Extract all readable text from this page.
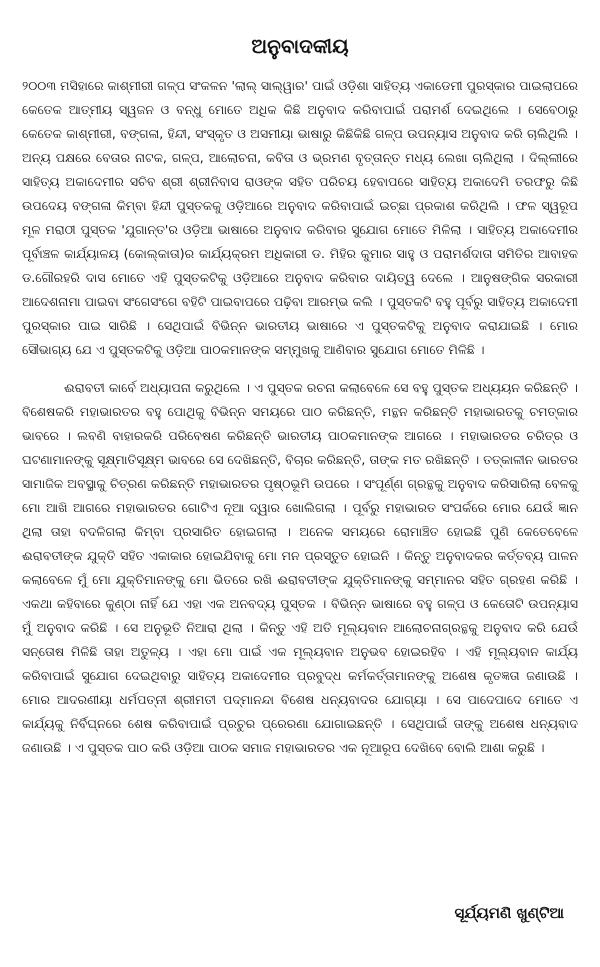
ଅନୁବାଦକୀୟ

୨୦୦୩ ମସିହାରେ କାଶ୍ମୀରୀ ଗଳ୍ପ ସଂକଳନ 'ଲାଲ୍ ସାଲ୍ୱାର' ପାଇଁ ଓଡ଼ିଶା ସାହିତ୍ୟ ଏକାଡେମୀ ପୁରସ୍କାର ପାଇଲାପରେ କେତେକ ଆତ୍ମୀୟ ସ୍ୱଜନ ଓ ବନ୍ଧୁ ମୋତେ ଅଧିକ କିଛି ଅନୁବାଦ କରିବାପାଇଁ ପରାମର୍ଶ ଦେଇଥିଲେ । ସେବେଠାରୁ କେତେକ କାଶ୍ମୀରୀ, ବଙ୍ଗଳା, ହିନ୍ଦୀ, ସଂସ୍କୃତ ଓ ଅସମୀୟା ଭାଷାରୁ କିଛିକିଛି ଗଳ୍ପ ଉପନ୍ୟାସ ଅନୁବାଦ କରି ଚାଲିଥିଲି । ଅନ୍ୟ ପକ୍ଷରେ ବେତାର ନାଟକ, ଗଳ୍ପ, ଆଲୋଚନା, କବିତା ଓ ଭ୍ରମଣ ବୃତ୍ତାନ୍ତ ମଧ୍ୟ ଲେଖା ଚାଲିଥିଲା । ଦିଲ୍ଲୀରେ ସାହିତ୍ୟ ଅକାଦେମୀର ସଚିବ ଶ୍ରୀ ଶ୍ରୀନିବାସ ରାଓଙ୍କ ସହିତ ପରିଚୟ ହେବାପରେ ସାହିତ୍ୟ ଅକାଦେମି ତରଫରୁ କିଛି ଉପଦେୟ ବଙ୍ଗଳା କିମ୍ବା ହିନ୍ଦୀ ପୁସ୍ତକକୁ ଓଡ଼ିଆରେ ଅନୁବାଦ କରିବାପାଇଁ ଇଚ୍ଛା ପ୍ରକାଶ କରିଥିଲି । ଫଳ ସ୍ୱରୂପ ମୂଳ ମରାଠୀ ପୁସ୍ତକ 'ଯୁଗାନ୍ତ'ର ଓଡ଼ିଆ ଭାଷାରେ ଅନୁବାଦ କରିବାର ସୁଯୋଗ ମୋତେ ମିଳିଲା । ସାହିତ୍ୟ ଅକାଦେମୀର ପୂର୍ବାଞ୍ଚଳ କାର୍ଯ୍ୟାଳୟ (କୋଲ୍‌କାତା)ର କାର୍ଯ୍ୟକ୍ରମ ଅଧିକାରୀ ଡ. ମିହିର କୁମାର ସାହୁ ଓ ପରାମର୍ଶଦାତା ସମିତିର ଆବାହକ ଡ.ଗୌରହରି ଦାସ ମୋତେ ଏହି ପୁସ୍ତକଟିକୁ ଓଡ଼ିଆରେ ଅନୁବାଦ କରିବାର ଦାୟିତ୍ୱ ଦେଲେ । ଆନୁଷଙ୍ଗିକ ସରକାରୀ ଆଦେଶନାମା ପାଇବା ସଂଗେସଂଗେ ବହିଟି ପାଇବାପରେ ପଢ଼ିବା ଆରମ୍ଭ କଲି । ପୁସ୍ତକଟି ବହୁ ପୂର୍ବରୁ ସାହିତ୍ୟ ଅକାଦେମୀ ପୁରସ୍କାର ପାଇ ସାରିଛି । ସେଥିପାଇଁ ବିଭିନ୍ନ ଭାରତୀୟ ଭାଷାରେ ଏ ପୁସ୍ତକଟିକୁ ଅନୁବାଦ କରାଯାଇଛି । ମୋର ସୌଭାଗ୍ୟ ଯେ ଏ ପୁସ୍ତକଟିକୁ ଓଡ଼ିଆ ପାଠକମାନଙ୍କ ସମ୍ମୁଖକୁ ଆଣିବାର ସୁଯୋଗ ମୋତେ ମିଳିଛି ।

ଈରାବତୀ କାର୍ବେ ଅଧ୍ୟାପନା କରୁଥିଲେ । ଏ ପୁସ୍ତକ ରଚନା କଲାବେଳେ ସେ ବହୁ ପୁସ୍ତକ ଅଧ୍ୟୟନ କରିଛନ୍ତି । ବିଶେଷକରି ମହାଭାରତର ବହୁ ପୋଥିକୁ ବିଭିନ୍ନ ସମୟରେ ପାଠ କରିଛନ୍ତି, ମନ୍ଥନ କରିଛନ୍ତି ମହାଭାରତକୁ ଚମତ୍କାର ଭାବରେ । ଲବଣି ବାହାରକରି ପରିବେଷଣ କରିଛନ୍ତି ଭାରତୀୟ ପାଠକମାନଙ୍କ ଆଗରେ । ମହାଭାରତର ଚରିତ୍ର ଓ ଘଟଣାମାନଙ୍କୁ ସୂକ୍ଷ୍ମାତିସୂକ୍ଷ୍ମ ଭାବରେ ସେ ଦେଖିଛନ୍ତି, ବିଚାର କରିଛନ୍ତି, ତାଙ୍କ ମତ ରଖିଛନ୍ତି । ତତ୍କାଳୀନ ଭାରତର ସାମାଜିକ ଅବସ୍ଥାକୁ ଚିତ୍ରଣ କରିଛନ୍ତି ମହାଭାରତର ପୃଷ୍ଠଭୂମି ଉପରେ । ସଂପୂର୍ଣ୍ଣ ଗ୍ରନ୍ଥକୁ ଅନୁବାଦ କରିସାରିଲା ବେଳକୁ ମୋ ଆଖି ଆଗରେ ମହାଭାରତର ଗୋଟିଏ ନୂଆ ଦ୍ୱାର ଖୋଲିଗଲା । ପୂର୍ବରୁ ମହାଭାରତ ସଂପର୍କରେ ମୋର ଯେଉଁ ଜ୍ଞାନ ଥିଲା ତାହା ବଦଳିଗଲା କିମ୍ବା ପ୍ରସାରିତ ହୋଇଗଲା । ଅନେକ ସମୟରେ ରୋମାଞ୍ଚିତ ହୋଇଛି ପୁଣି କେତେବେଳେ ଈରାବତୀଙ୍କ ଯୁକ୍ତି ସହିତ ଏକାକାର ହୋଇଯିବାକୁ ମୋ ମନ ପ୍ରସ୍ତୁତ ହୋଇନି । କିନ୍ତୁ ଅନୁବାଦକର କର୍ତ୍ତବ୍ୟ ପାଳନ କଲାବେଳେ ମୁଁ ମୋ ଯୁକ୍ତିମାନଙ୍କୁ ମୋ ଭିତରେ ରଖି ଈରାବତୀଙ୍କ ଯୁକ୍ତିମାନଙ୍କୁ ସମ୍ମାନର ସହିତ ଗ୍ରହଣ କରିଛି । ଏକଥା କହିବାରେ କୁଣ୍ଠା ନାହିଁ ଯେ ଏହା ଏକ ଅନବଦ୍ୟ ପୁସ୍ତକ । ବିଭିନ୍ନ ଭାଷାରେ ବହୁ ଗଳ୍ପ ଓ କେତୋଟି ଉପନ୍ୟାସ ମୁଁ ଅନୁବାଦ କରିଛି । ସେ ଅନୁଭୂତି ନିଆରା ଥିଲା । କିନ୍ତୁ ଏହି ଅତି ମୂଲ୍ୟବାନ ଆଲୋଚନାଗ୍ରନ୍ଥକୁ ଅନୁବାଦ କରି ଯେଉଁ ସନ୍ତୋଷ ମିଳିଛି ତାହା ଅତୁଳ୍ୟ । ଏହା ମୋ ପାଇଁ ଏକ ମୂଲ୍ୟବାନ ଅନୁଭବ ହୋଇରହିବ । ଏହି ମୂଲ୍ୟବାନ କାର୍ଯ୍ୟ କରିବାପାଇଁ ସୁଯୋଗ ଦେଇଥିବାରୁ ସାହିତ୍ୟ ଅକାଦେମୀର ପ୍ରବୁଦ୍ଧ କର୍ମକର୍ତ୍ତାମାନଙ୍କୁ ଅଶେଷ କୃତଜ୍ଞତା ଜଣାଉଛି । ମୋର ଆଦରଣୀୟା ଧର୍ମପତ୍ନୀ ଶ୍ରୀମତୀ ପଦ୍ମାନନ୍ଦା ବିଶେଷ ଧନ୍ୟବାଦର ଯୋଗ୍ୟା । ସେ ପାଦେପାଦେ ମୋତେ ଏ କାର୍ଯ୍ୟକୁ ନିର୍ବିଘ୍ନରେ ଶେଷ କରିବାପାଇଁ ପ୍ରଚୁର ପ୍ରେରଣା ଯୋଗାଇଛନ୍ତି । ସେଥିପାଇଁ ତାଙ୍କୁ ଅଶେଷ ଧନ୍ୟବାଦ ଜଣାଉଛି । ଏ ପୁସ୍ତକ ପାଠ କରି ଓଡ଼ିଆ ପାଠକ ସମାଜ ମହାଭାରତର ଏକ ନୂଆରୂପ ଦେଖିବେ ବୋଲି ଆଶା କରୁଛି ।

ସୂର୍ଯ୍ୟମଣି ଖୁଣ୍ଟିଆ
